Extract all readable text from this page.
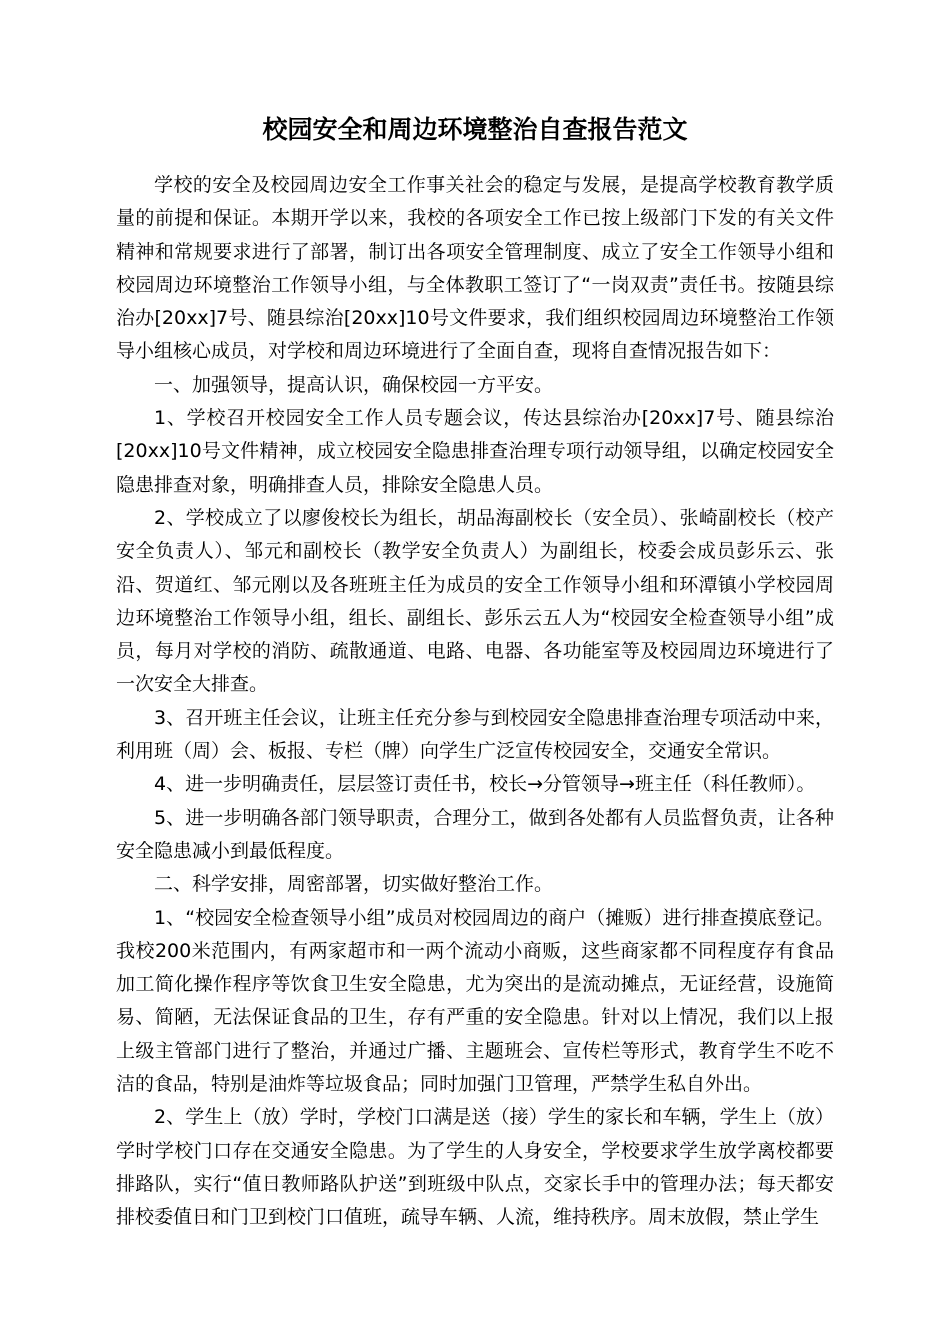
校园安全和周边环境整治自查报告范文

学校的安全及校园周边安全工作事关社会的稳定与发展，是提高学校教育教学质量的前提和保证。本期开学以来，我校的各项安全工作已按上级部门下发的有关文件精神和常规要求进行了部署，制订出各项安全管理制度、成立了安全工作领导小组和校园周边环境整治工作领导小组，与全体教职工签订了“一岗双责”责任书。按随县综治办[20xx]7号、随县综治[20xx]10号文件要求，我们组织校园周边环境整治工作领导小组核心成员，对学校和周边环境进行了全面自查，现将自查情况报告如下：

一、加强领导，提高认识，确保校园一方平安。

1、学校召开校园安全工作人员专题会议，传达县综治办[20xx]7号、随县综治[20xx]10号文件精神，成立校园安全隐患排查治理专项行动领导组，以确定校园安全隐患排查对象，明确排查人员，排除安全隐患人员。

2、学校成立了以廖俊校长为组长，胡品海副校长（安全员）、张崎副校长（校产安全负责人）、邹元和副校长（教学安全负责人）为副组长，校委会成员彭乐云、张沿、贺道红、邹元刚以及各班班主任为成员的安全工作领导小组和环潭镇小学校园周边环境整治工作领导小组，组长、副组长、彭乐云五人为“校园安全检查领导小组”成员，每月对学校的消防、疏散通道、电路、电器、各功能室等及校园周边环境进行了一次安全大排查。

3、召开班主任会议，让班主任充分参与到校园安全隐患排查治理专项活动中来，利用班（周）会、板报、专栏（牌）向学生广泛宣传校园安全，交通安全常识。

4、进一步明确责任，层层签订责任书，校长→分管领导→班主任（科任教师）。

5、进一步明确各部门领导职责，合理分工，做到各处都有人员监督负责，让各种安全隐患减小到最低程度。

二、科学安排，周密部署，切实做好整治工作。

1、“校园安全检查领导小组”成员对校园周边的商户（摊贩）进行排查摸底登记。我校200米范围内，有两家超市和一两个流动小商贩，这些商家都不同程度存有食品加工简化操作程序等饮食卫生安全隐患，尤为突出的是流动摊点，无证经营，设施简易、简陋，无法保证食品的卫生，存有严重的安全隐患。针对以上情况，我们以上报上级主管部门进行了整治，并通过广播、主题班会、宣传栏等形式，教育学生不吃不洁的食品，特别是油炸等垃圾食品；同时加强门卫管理，严禁学生私自外出。

2、学生上（放）学时，学校门口满是送（接）学生的家长和车辆，学生上（放）学时学校门口存在交通安全隐患。为了学生的人身安全，学校要求学生放学离校都要排路队，实行“值日教师路队护送”到班级中队点，交家长手中的管理办法；每天都安排校委值日和门卫到校门口值班，疏导车辆、人流，维持秩序。周末放假，禁止学生
